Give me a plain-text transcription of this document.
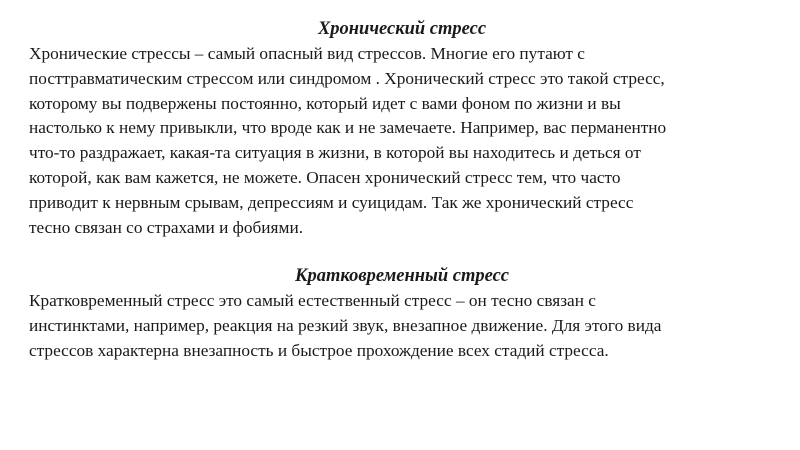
Хронический стресс

Хронические стрессы – самый опасный вид стрессов. Многие его путают с
посттравматическим стрессом или синдромом . Хронический стресс это такой стресс,
которому вы подвержены постоянно, который идет с вами фоном по жизни и вы
настолько к нему привыкли, что вроде как и не замечаете. Например, вас перманентно
что-то раздражает, какая-та ситуация в жизни, в которой вы находитесь и деться от
которой, как вам кажется, не можете. Опасен хронический стресс тем, что часто
приводит к нервным срывам, депрессиям и суицидам. Так же хронический стресс
тесно связан со страхами и фобиями.

Кратковременный стресс

Кратковременный стресс это самый естественный стресс – он тесно связан с
инстинктами, например, реакция на резкий звук, внезапное движение. Для этого вида
стрессов характерна внезапность и быстрое прохождение всех стадий стресса.
